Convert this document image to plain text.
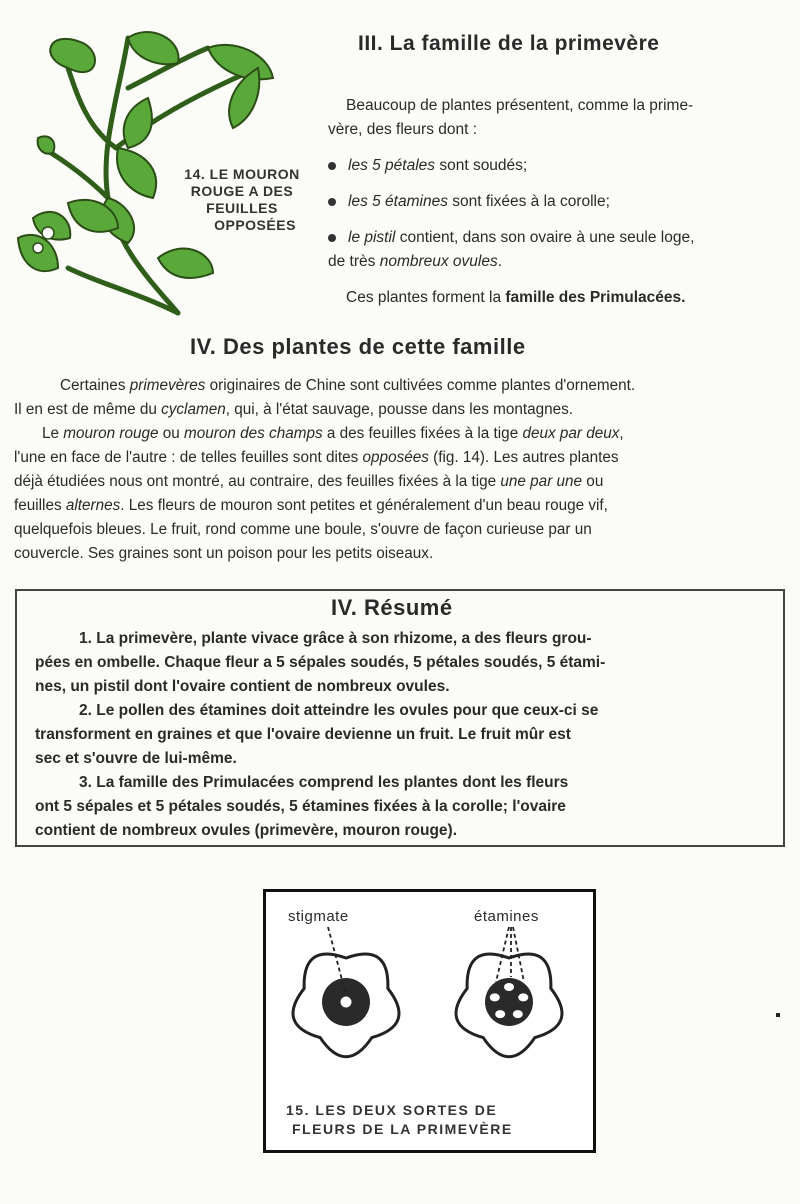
14. LE MOURON
ROUGE A DES
FEUILLES
OPPOSÉES
III. La famille de la primevère
Beaucoup de plantes présentent, comme la prime-
vère, des fleurs dont :
les 5 pétales sont soudés;
les 5 étamines sont fixées à la corolle;
le pistil contient, dans son ovaire à une seule loge,
de très nombreux ovules.
Ces plantes forment la famille des Primulacées.
IV. Des plantes de cette famille
Certaines primevères originaires de Chine sont cultivées comme plantes d'ornement.
Il en est de même du cyclamen, qui, à l'état sauvage, pousse dans les montagnes.
Le mouron rouge ou mouron des champs a des feuilles fixées à la tige deux par deux,
l'une en face de l'autre : de telles feuilles sont dites opposées (fig. 14). Les autres plantes
déjà étudiées nous ont montré, au contraire, des feuilles fixées à la tige une par une ou
feuilles alternes. Les fleurs de mouron sont petites et généralement d'un beau rouge vif,
quelquefois bleues. Le fruit, rond comme une boule, s'ouvre de façon curieuse par un
couvercle. Ses graines sont un poison pour les petits oiseaux.
IV. Résumé
1. La primevère, plante vivace grâce à son rhizome, a des fleurs grou-
pées en ombelle. Chaque fleur a 5 sépales soudés, 5 pétales soudés, 5 étami-
nes, un pistil dont l'ovaire contient de nombreux ovules.
2. Le pollen des étamines doit atteindre les ovules pour que ceux-ci se
transforment en graines et que l'ovaire devienne un fruit. Le fruit mûr est
sec et s'ouvre de lui-même.
3. La famille des Primulacées comprend les plantes dont les fleurs
ont 5 sépales et 5 pétales soudés, 5 étamines fixées à la corolle; l'ovaire
contient de nombreux ovules (primevère, mouron rouge).
stigmate	étamines
15. LES DEUX SORTES DE
FLEURS DE LA PRIMEVÈRE
